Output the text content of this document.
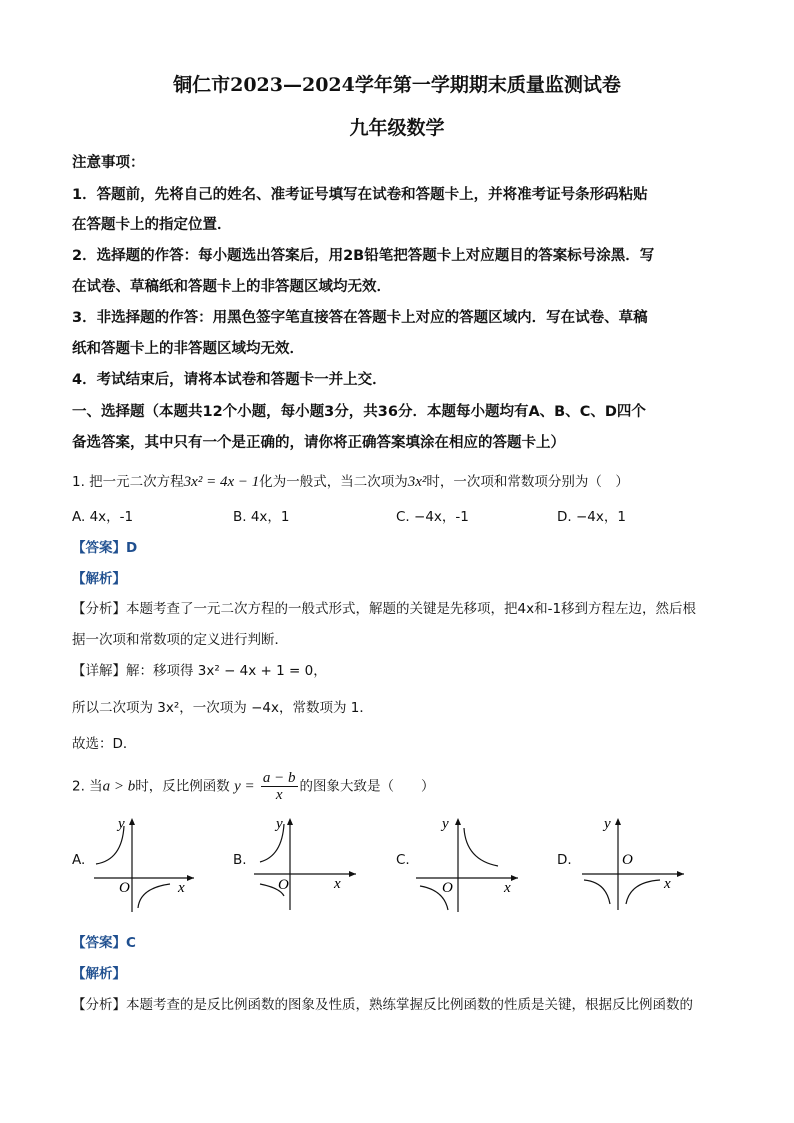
铜仁市2023—2024学年第一学期期末质量监测试卷
九年级数学
注意事项：
1．答题前，先将自己的姓名、准考证号填写在试卷和答题卡上，并将准考证号条形码粘贴
在答题卡上的指定位置．
2．选择题的作答：每小题选出答案后，用2B铅笔把答题卡上对应题目的答案标号涂黑．写
在试卷、草稿纸和答题卡上的非答题区域均无效．
3．非选择题的作答：用黑色签字笔直接答在答题卡上对应的答题区域内．写在试卷、草稿
纸和答题卡上的非答题区域均无效．
4．考试结束后，请将本试卷和答题卡一并上交．
一、选择题（本题共12个小题，每小题3分，共36分．本题每小题均有A、B、C、D四个
备选答案，其中只有一个是正确的，请你将正确答案填涂在相应的答题卡上）
1. 把一元二次方程3x² = 4x − 1化为一般式，当二次项为3x²时，一次项和常数项分别为（　）
A. 4x，-1	B. 4x，1	C. −4x，-1	D. −4x，1
【答案】D
【解析】
【分析】本题考查了一元二次方程的一般式形式，解题的关键是先移项，把4x和-1移到方程左边，然后根
据一次项和常数项的定义进行判断．
【详解】解：移项得 3x² − 4x + 1 = 0，
所以二次项为 3x²，一次项为 −4x，常数项为 1．
故选：D．
2. 当a > b时，反比例函数 $y = \frac{a - b}{x}$ 的图象大致是（　　）
A.
y
O	x
B.
y
O	x
C.
y
O	x
D.
y
O
x
【答案】C
【解析】
【分析】本题考查的是反比例函数的图象及性质，熟练掌握反比例函数的性质是关键，根据反比例函数的
